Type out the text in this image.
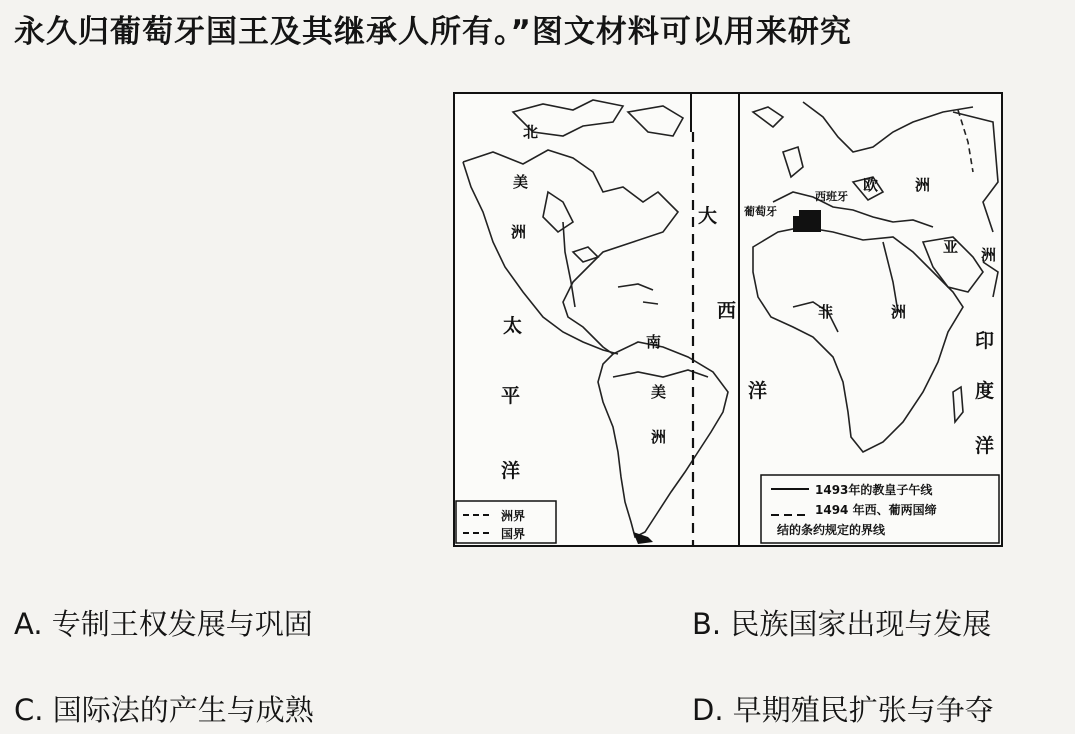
永久归葡萄牙国王及其继承人所有。”图文材料可以用来研究
北
美
洲
南
美
洲
太
平
洋
大
西
洲界
国界
葡萄牙
西班牙
欧 洲
亚 洲
非	洲
洋
印
度
洋
1493年的教皇子午线
1494 年西、葡两国缔
结的条约规定的界线
A. 专制王权发展与巩固	B. 民族国家出现与发展
C. 国际法的产生与成熟	D. 早期殖民扩张与争夺
